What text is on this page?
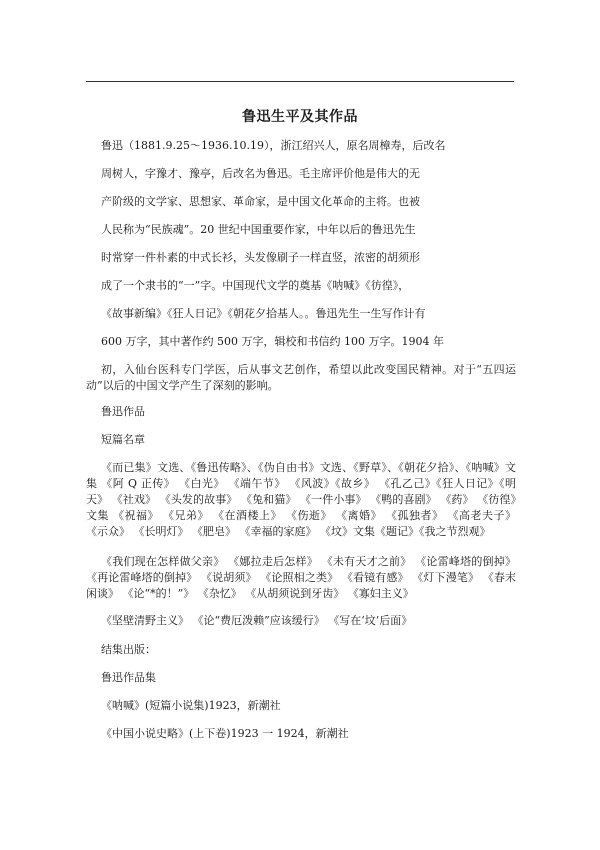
鲁迅生平及其作品
鲁迅（1881.9.25～1936.10.19），浙江绍兴人，原名周樟寿，后改名
周树人，字豫才、豫亭，后改名为鲁迅。毛主席评价他是伟大的无
产阶级的文学家、思想家、革命家，是中国文化革命的主将。也被
人民称为“民族魂”。20 世纪中国重要作家，中年以后的鲁迅先生
时常穿一件朴素的中式长衫，头发像刷子一样直竖，浓密的胡须形
成了一个隶书的“一”字。中国现代文学的奠基《呐喊》《彷徨》，
《故事新编》《狂人日记》《朝花夕拾基人。。鲁迅先生一生写作计有
600 万字，其中著作约 500 万字，辑校和书信约 100 万字。1904 年
初，入仙台医科专门学医，后从事文艺创作，希望以此改变国民精神。对于“五四运动”以后的中国文学产生了深刻的影响。
鲁迅作品
短篇名章
《而已集》文选、《鲁迅传略》、《伪自由书》文选、《野草》、《朝花夕拾》、《呐喊》文集 《阿 Q 正传》 《白光》 《端午节》 《风波》《故乡》 《孔乙己》《狂人日记》《明天》 《社戏》 《头发的故事》 《兔和猫》 《一件小事》 《鸭的喜剧》 《药》 《彷徨》文集 《祝福》 《兄弟》 《在酒楼上》 《伤逝》 《离婚》 《孤独者》 《高老夫子》 《示众》 《长明灯》 《肥皂》 《幸福的家庭》 《坟》文集《题记》《我之节烈观》
《我们现在怎样做父亲》 《娜拉走后怎样》 《未有天才之前》 《论雷峰塔的倒掉》 《再论雷峰塔的倒掉》 《说胡须》 《论照相之类》 《看镜有感》 《灯下漫笔》 《春末闲谈》 《论“*的！”》 《杂忆》 《从胡须说到牙齿》 《寡妇主义》
《坚壁清野主义》 《论“费厄泼赖”应该缓行》 《写在‘坟’后面》
结集出版：
鲁迅作品集
《呐喊》(短篇小说集)1923，新潮社
《中国小说史略》(上下卷)1923 一 1924，新潮社
